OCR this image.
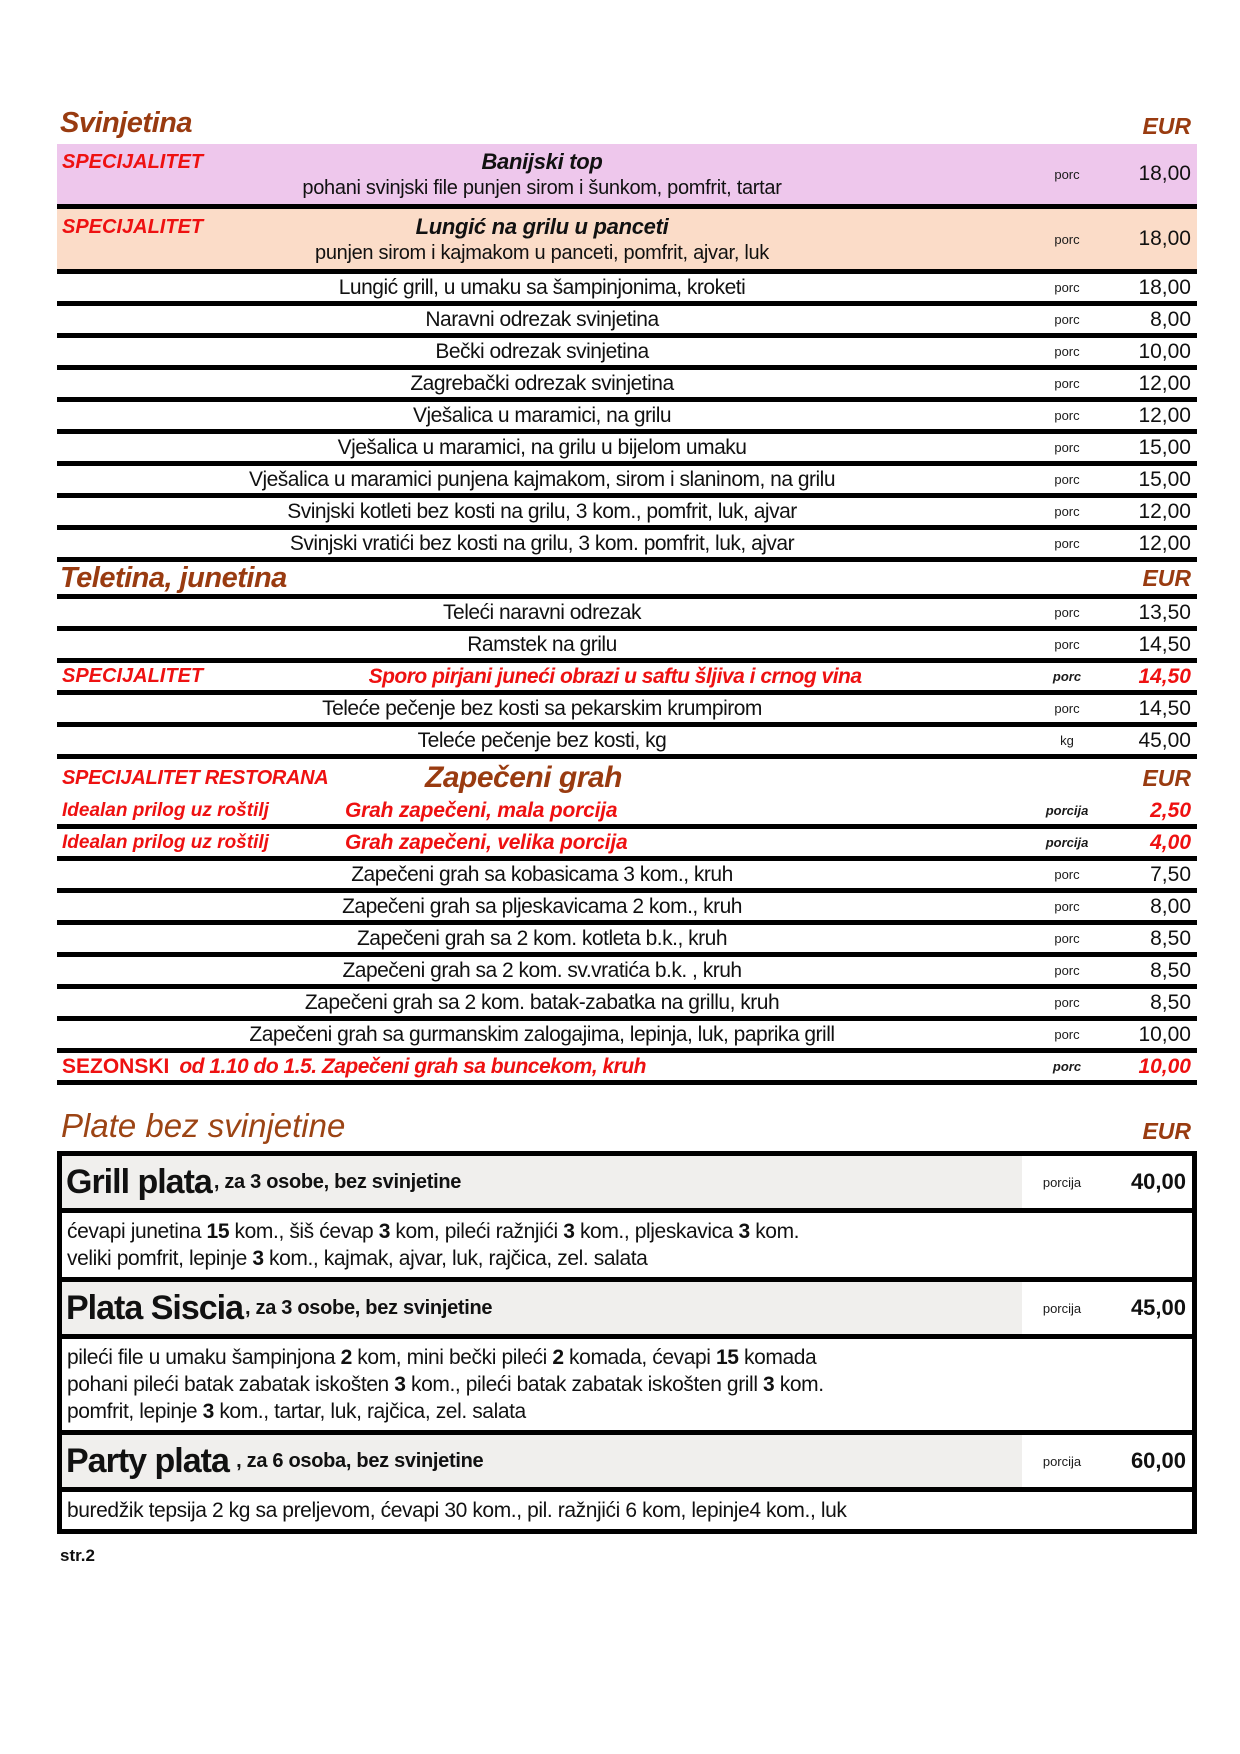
Svinjetina	EUR
SPECIJALITET	Banijski top
pohani svinjski file punjen sirom i šunkom, pomfrit, tartar
porc	18,00
SPECIJALITET	Lungić na grilu u panceti
punjen sirom i kajmakom u panceti, pomfrit, ajvar, luk
porc	18,00
Lungić grill, u umaku sa šampinjonima, kroketi	porc	18,00
Naravni odrezak svinjetina	porc	8,00
Bečki odrezak svinjetina	porc	10,00
Zagrebački odrezak svinjetina	porc	12,00
Vješalica u maramici, na grilu	porc	12,00
Vješalica u maramici, na grilu u bijelom umaku	porc	15,00
Vješalica u maramici punjena kajmakom, sirom i slaninom, na grilu	porc	15,00
Svinjski kotleti bez kosti na grilu, 3 kom., pomfrit, luk, ajvar	porc	12,00
Svinjski vratići bez kosti na grilu, 3 kom. pomfrit, luk, ajvar	porc	12,00
Teletina, junetina	EUR
Teleći naravni odrezak	porc	13,50
Ramstek na grilu	porc	14,50
SPECIJALITET	Sporo pirjani juneći obrazi u saftu šljiva i crnog vina	porc	14,50
Teleće pečenje bez kosti sa pekarskim krumpirom	porc	14,50
Teleće pečenje bez kosti, kg	kg	45,00
SPECIJALITET RESTORANA	Zapečeni grah	EUR
Idealan prilog uz roštilj	Grah zapečeni, mala porcija	porcija	2,50
Idealan prilog uz roštilj	Grah zapečeni, velika porcija	porcija	4,00
Zapečeni grah sa kobasicama 3 kom., kruh	porc	7,50
Zapečeni grah sa pljeskavicama 2 kom., kruh	porc	8,00
Zapečeni grah sa 2 kom. kotleta b.k., kruh	porc	8,50
Zapečeni grah sa 2 kom. sv.vratića b.k. , kruh	porc	8,50
Zapečeni grah sa 2 kom. batak-zabatka na grillu, kruh	porc	8,50
Zapečeni grah sa gurmanskim zalogajima, lepinja, luk, paprika grill	porc	10,00
SEZONSKI od 1.10 do 1.5. Zapečeni grah sa buncekom, kruh	porc	10,00
Plate bez svinjetine	EUR
Grill plata , za 3 osobe, bez svinjetine	porcija	40,00
ćevapi junetina 15 kom., šiš ćevap 3 kom, pileći ražnjići 3 kom., pljeskavica 3 kom.
veliki pomfrit, lepinje 3 kom., kajmak, ajvar, luk, rajčica, zel. salata
Plata Siscia , za 3 osobe, bez svinjetine	porcija	45,00
pileći file u umaku šampinjona 2 kom, mini bečki pileći 2 komada, ćevapi 15 komada
pohani pileći batak zabatak iskošten 3 kom., pileći batak zabatak iskošten grill 3 kom.
pomfrit, lepinje 3 kom., tartar, luk, rajčica, zel. salata
Party plata , za 6 osoba, bez svinjetine	porcija	60,00
buredžik tepsija 2 kg sa preljevom, ćevapi 30 kom., pil. ražnjići 6 kom, lepinje4 kom., luk
str.2
